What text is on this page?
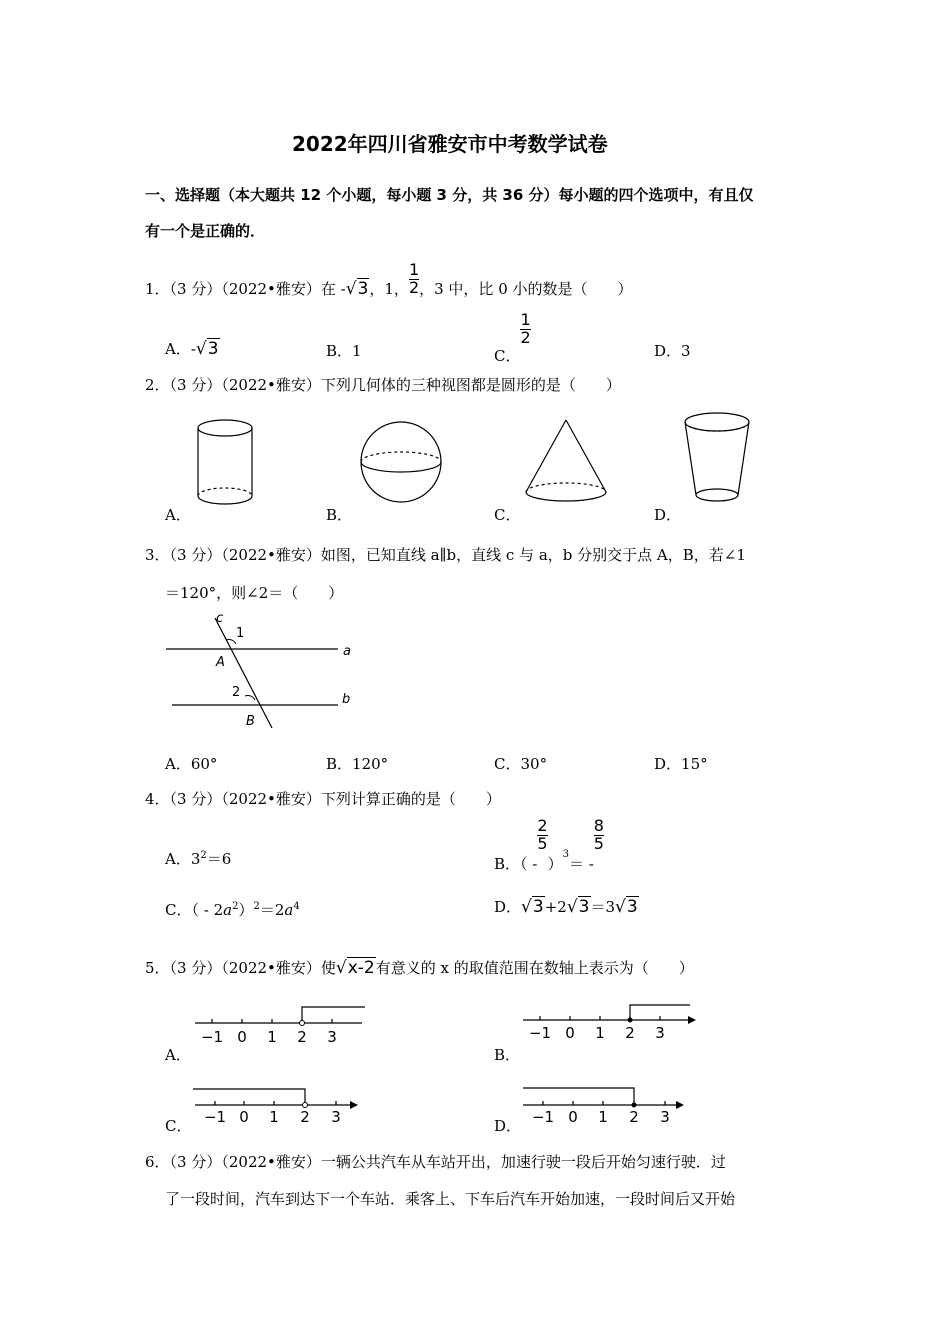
2022年四川省雅安市中考数学试卷
一、选择题（本大题共 12 个小题，每小题 3 分，共 36 分）每小题的四个选项中，有且仅
有一个是正确的．
1．（3 分）（2022•雅安）在 -√3，1， $\frac{1}{2}$ ，3 中，比 0 小的数是（　　）
A．-√3	B．1	C．
$\frac{1}{2}$
D．3
2．（3 分）（2022•雅安）下列几何体的三种视图都是圆形的是（　　）
A．	B．	C．	D．
3．（3 分）（2022•雅安）如图，已知直线 a∥b，直线 c 与 a，b 分别交于点 A，B，若∠1
＝120°，则∠2＝（　　）
c
1
A
a
2	b
B
A．60°	B．120°	C．30°	D．15°
4．（3 分）（2022•雅安）下列计算正确的是（　　）
A．$3^2=6$	B．（ -
$\frac{2}{5}$
）$^3$＝ -
$\frac{8}{5}$
C．（ - $2a^2)^2=2a^4$	D．√3+2√3＝3√3
5．（3 分）（2022•雅安）使√x-2有意义的 x 的取值范围在数轴上表示为（　　）
−1 0 1 2 3	−1 0 1 2 3
A．	B．
−1 0 1 2 3	−1 0 1 2 3
C．	D．
6．（3 分）（2022•雅安）一辆公共汽车从车站开出，加速行驶一段后开始匀速行驶．过
了一段时间，汽车到达下一个车站．乘客上、下车后汽车开始加速，一段时间后又开始
